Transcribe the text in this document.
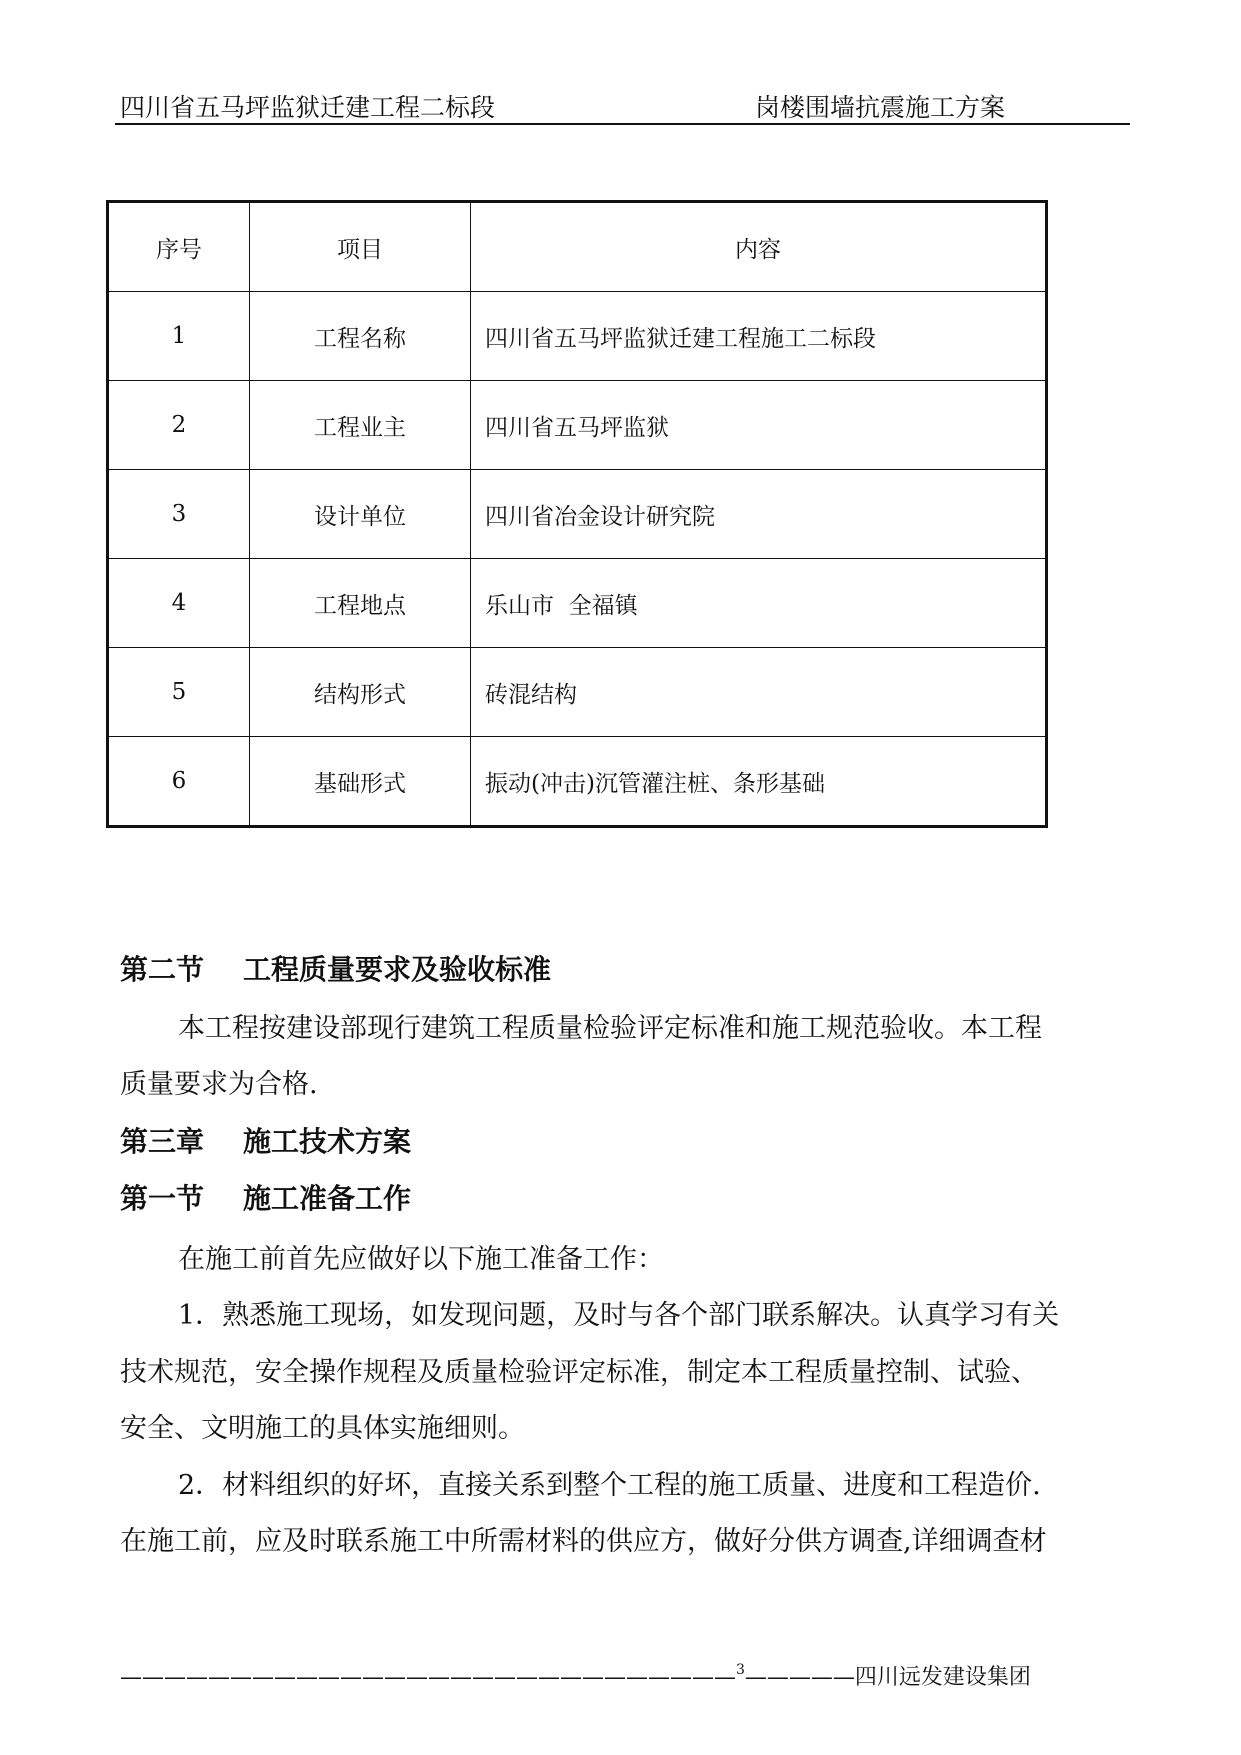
四川省五马坪监狱迁建工程二标段	岗楼围墙抗震施工方案
序号	项目	内容
1	工程名称	四川省五马坪监狱迁建工程施工二标段
2	工程业主	四川省五马坪监狱
3	设计单位	四川省冶金设计研究院
4	工程地点	乐山市  全福镇
5	结构形式	砖混结构
6	基础形式	振动(冲击)沉管灌注桩、条形基础
第二节    工程质量要求及验收标准
本工程按建设部现行建筑工程质量检验评定标准和施工规范验收。本工程
质量要求为合格.
第三章    施工技术方案
第一节    施工准备工作
在施工前首先应做好以下施工准备工作：
1．熟悉施工现场，如发现问题，及时与各个部门联系解决。认真学习有关
技术规范，安全操作规程及质量检验评定标准，制定本工程质量控制、试验、
安全、文明施工的具体实施细则。
2．材料组织的好坏，直接关系到整个工程的施工质量、进度和工程造价.
在施工前，应及时联系施工中所需材料的供应方，做好分供方调查,详细调查材
————————————————————————————$^3$—————四川远发建设集团
